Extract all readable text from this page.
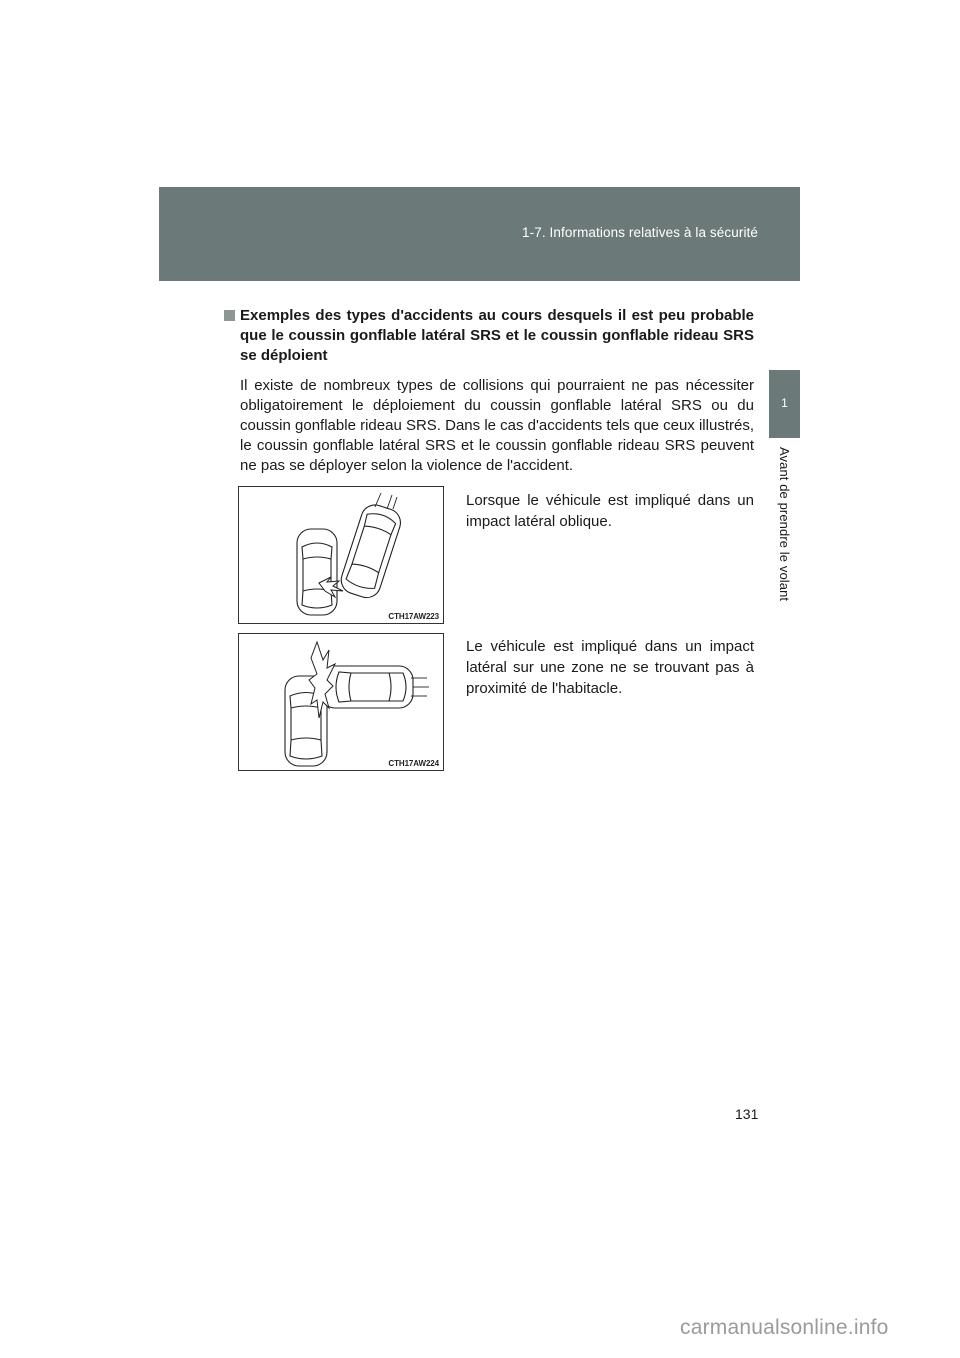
1-7. Informations relatives à la sécurité
1
Avant de prendre le volant
Exemples des types d'accidents au cours desquels il est peu probable que le coussin gonflable latéral SRS et le coussin gonflable rideau SRS se déploient
Il existe de nombreux types de collisions qui pourraient ne pas nécessiter obligatoirement le déploiement du coussin gonflable latéral SRS ou du coussin gonflable rideau SRS. Dans le cas d'accidents tels que ceux illustrés, le coussin gonflable latéral SRS et le coussin gonflable rideau SRS peuvent ne pas se déployer selon la violence de l'accident.
CTH17AW223
Lorsque le véhicule est impliqué dans un impact latéral oblique.
CTH17AW224
Le véhicule est impliqué dans un impact latéral sur une zone ne se trouvant pas à proximité de l'habitacle.
131
carmanualsonline.info
